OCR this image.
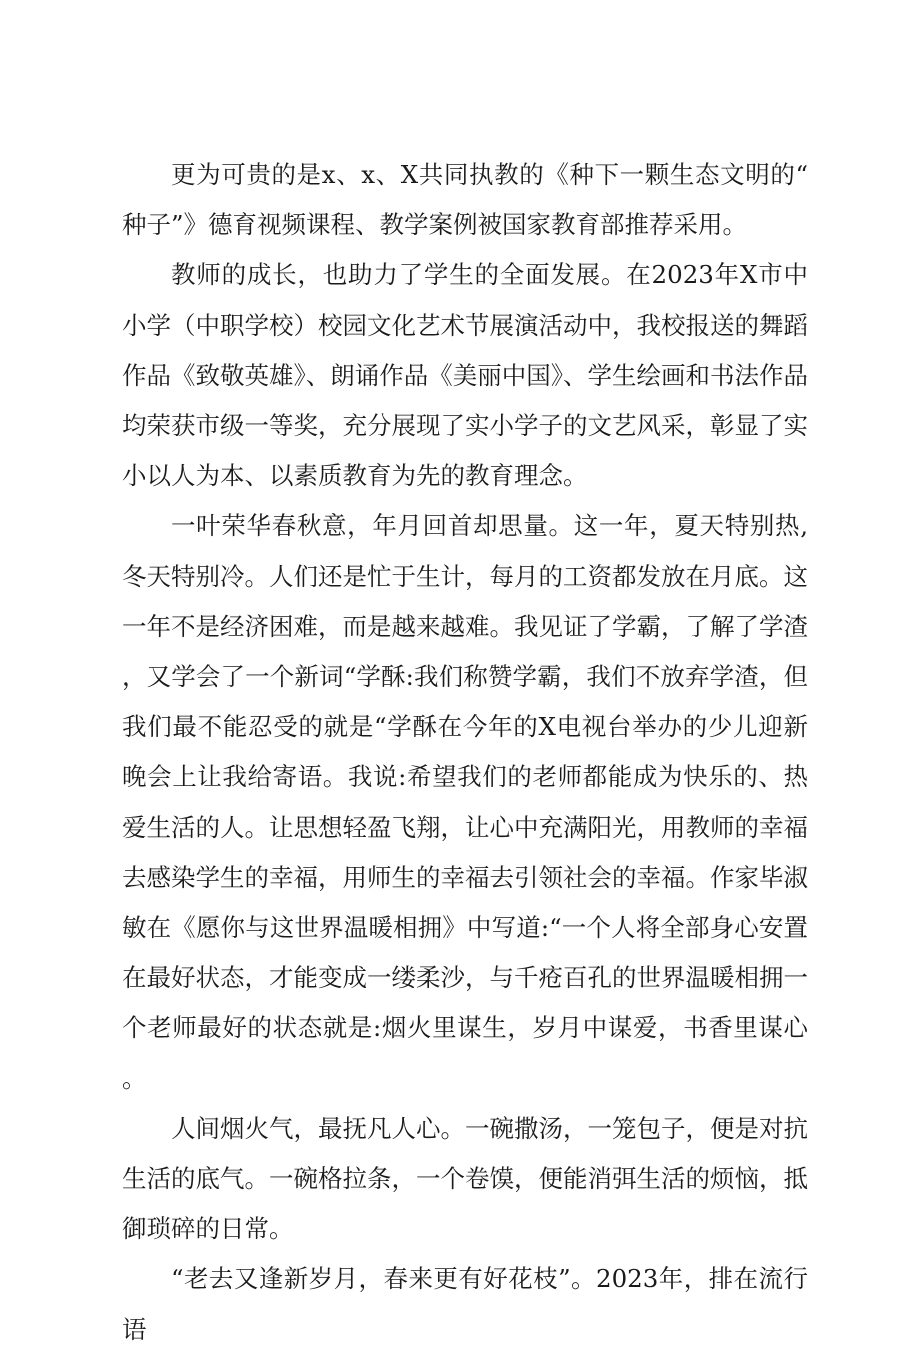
更为可贵的是x、x、X共同执教的《种下一颗生态文明的“种子”》德育视频课程、教学案例被国家教育部推荐采用。

教师的成长，也助力了学生的全面发展。在2023年X市中小学（中职学校）校园文化艺术节展演活动中，我校报送的舞蹈作品《致敬英雄》、朗诵作品《美丽中国》、学生绘画和书法作品均荣获市级一等奖，充分展现了实小学子的文艺风采，彰显了实小以人为本、以素质教育为先的教育理念。

一叶荣华春秋意，年月回首却思量。这一年，夏天特别热,冬天特别冷。人们还是忙于生计，每月的工资都发放在月底。这一年不是经济困难，而是越来越难。我见证了学霸，了解了学渣，又学会了一个新词“学酥:我们称赞学霸，我们不放弃学渣，但我们最不能忍受的就是“学酥在今年的X电视台举办的少儿迎新晚会上让我给寄语。我说:希望我们的老师都能成为快乐的、热爱生活的人。让思想轻盈飞翔，让心中充满阳光，用教师的幸福去感染学生的幸福，用师生的幸福去引领社会的幸福。作家毕淑敏在《愿你与这世界温暖相拥》中写道:“一个人将全部身心安置在最好状态，才能变成一缕柔沙，与千疮百孔的世界温暖相拥一个老师最好的状态就是:烟火里谋生，岁月中谋爱，书香里谋心。

人间烟火气，最抚凡人心。一碗撒汤，一笼包子，便是对抗生活的底气。一碗格拉条，一个卷馍，便能消弭生活的烦恼，抵御琐碎的日常。

“老去又逢新岁月，春来更有好花枝”。2023年，排在流行语
